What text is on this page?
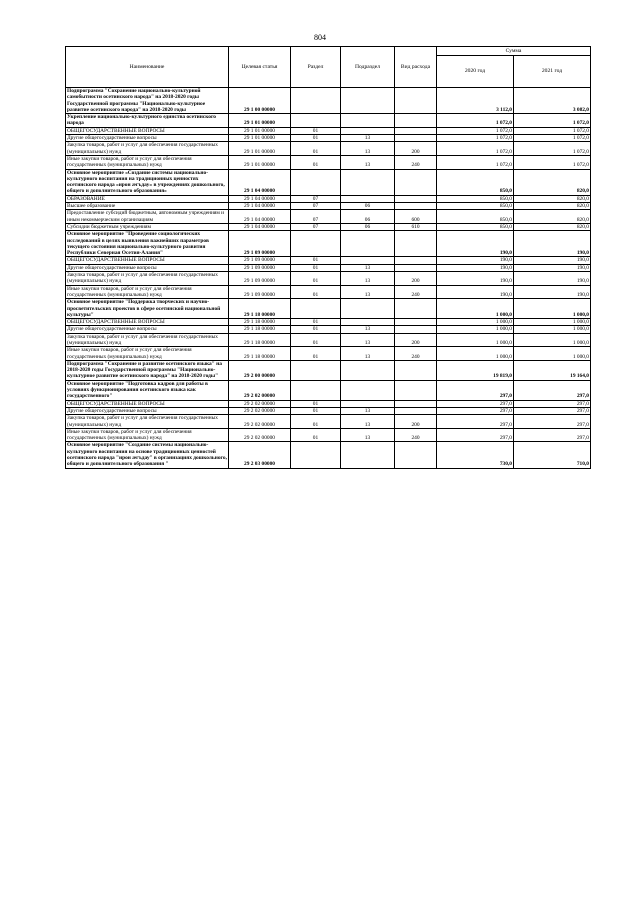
804
Наименование	Целевая статья	Раздел	Подраздел	Вид расхода	Сумма	
					2020 год	2021 год
Подпрограмма "Сохранение национально-культурной самобытности осетинского народа" на 2018-2020 годы Государственной программы "Национально-культурное развитие осетинского народа" на 2018-2020 годы	29 1 00 00000				3 112,0	3 082,0
Укрепление национально-культурного единства осетинского народа	29 1 01 00000				1 072,0	1 072,0
ОБЩЕГОСУДАРСТВЕННЫЕ ВОПРОСЫ	29 1 01 00000	01			1 072,0	1 072,0
Другие общегосударственные вопросы	29 1 01 00000	01	13		1 072,0	1 072,0
Закупка товаров, работ и услуг для обеспечения государственных (муниципальных) нужд	29 1 01 00000	01	13	200	1 072,0	1 072,0
Иные закупки товаров, работ и услуг для обеспечения государственных (муниципальных) нужд	29 1 01 00000	01	13	240	1 072,0	1 072,0
Основное мероприятие «Создание системы национально-культурного воспитания на традиционных ценностях осетинского народа «ирон æгъдау» в учреждениях дошкольного, общего и дополнительного образования»	29 1 04 00000				850,0	820,0
ОБРАЗОВАНИЕ	29 1 04 00000	07			850,0	820,0
Высшее образование	29 1 04 00000	07	06		850,0	820,0
Предоставление субсидий бюджетным, автономным учреждениям и иным некоммерческим организациям	29 1 04 00000	07	06	600	850,0	820,0
Субсидии бюджетным учреждениям	29 1 04 00000	07	06	610	850,0	820,0
Основное мероприятие "Проведение социологических исследований в целях выявления важнейших параметров текущего состояния национально-культурного развития Республики Северная Осетия-Алания"	29 1 09 00000				190,0	190,0
ОБЩЕГОСУДАРСТВЕННЫЕ ВОПРОСЫ	29 1 09 00000	01			190,0	190,0
Другие общегосударственные вопросы	29 1 09 00000	01	13		190,0	190,0
Закупка товаров, работ и услуг для обеспечения государственных (муниципальных) нужд	29 1 09 00000	01	13	200	190,0	190,0
Иные закупки товаров, работ и услуг для обеспечения государственных (муниципальных) нужд	29 1 09 00000	01	13	240	190,0	190,0
Основное мероприятие "Поддержка творческих и научно-просветительских проектов в сфере осетинской национальной культуры"	29 1 18 00000				1 000,0	1 000,0
ОБЩЕГОСУДАРСТВЕННЫЕ ВОПРОСЫ	29 1 18 00000	01			1 000,0	1 000,0
Другие общегосударственные вопросы	29 1 18 00000	01	13		1 000,0	1 000,0
Закупка товаров, работ и услуг для обеспечения государственных (муниципальных) нужд	29 1 18 00000	01	13	200	1 000,0	1 000,0
Иные закупки товаров, работ и услуг для обеспечения государственных (муниципальных) нужд	29 1 18 00000	01	13	240	1 000,0	1 000,0
Подпрограмма "Сохранение и развитие осетинского языка" на 2018-2020 годы Государственной программы "Национально-культурное развитие осетинского народа" на 2018-2020 годы"	29 2 00 00000				19 819,0	19 164,0
Основное мероприятие "Подготовка кадров для работы в условиях функционирования осетинского языка как государственного"	29 2 02 00000				297,0	297,0
ОБЩЕГОСУДАРСТВЕННЫЕ ВОПРОСЫ	29 2 02 00000	01			297,0	297,0
Другие общегосударственные вопросы	29 2 02 00000	01	13		297,0	297,0
Закупка товаров, работ и услуг для обеспечения государственных (муниципальных) нужд	29 2 02 00000	01	13	200	297,0	297,0
Иные закупки товаров, работ и услуг для обеспечения государственных (муниципальных) нужд	29 2 02 00000	01	13	240	297,0	297,0
Основное мероприятие "Создание системы национально-культурного воспитания на основе традиционных ценностей осетинского народа "ирон æгъдау" в организациях дошкольного, общего и дополнительного образования "	29 2 03 00000				730,0	710,0
